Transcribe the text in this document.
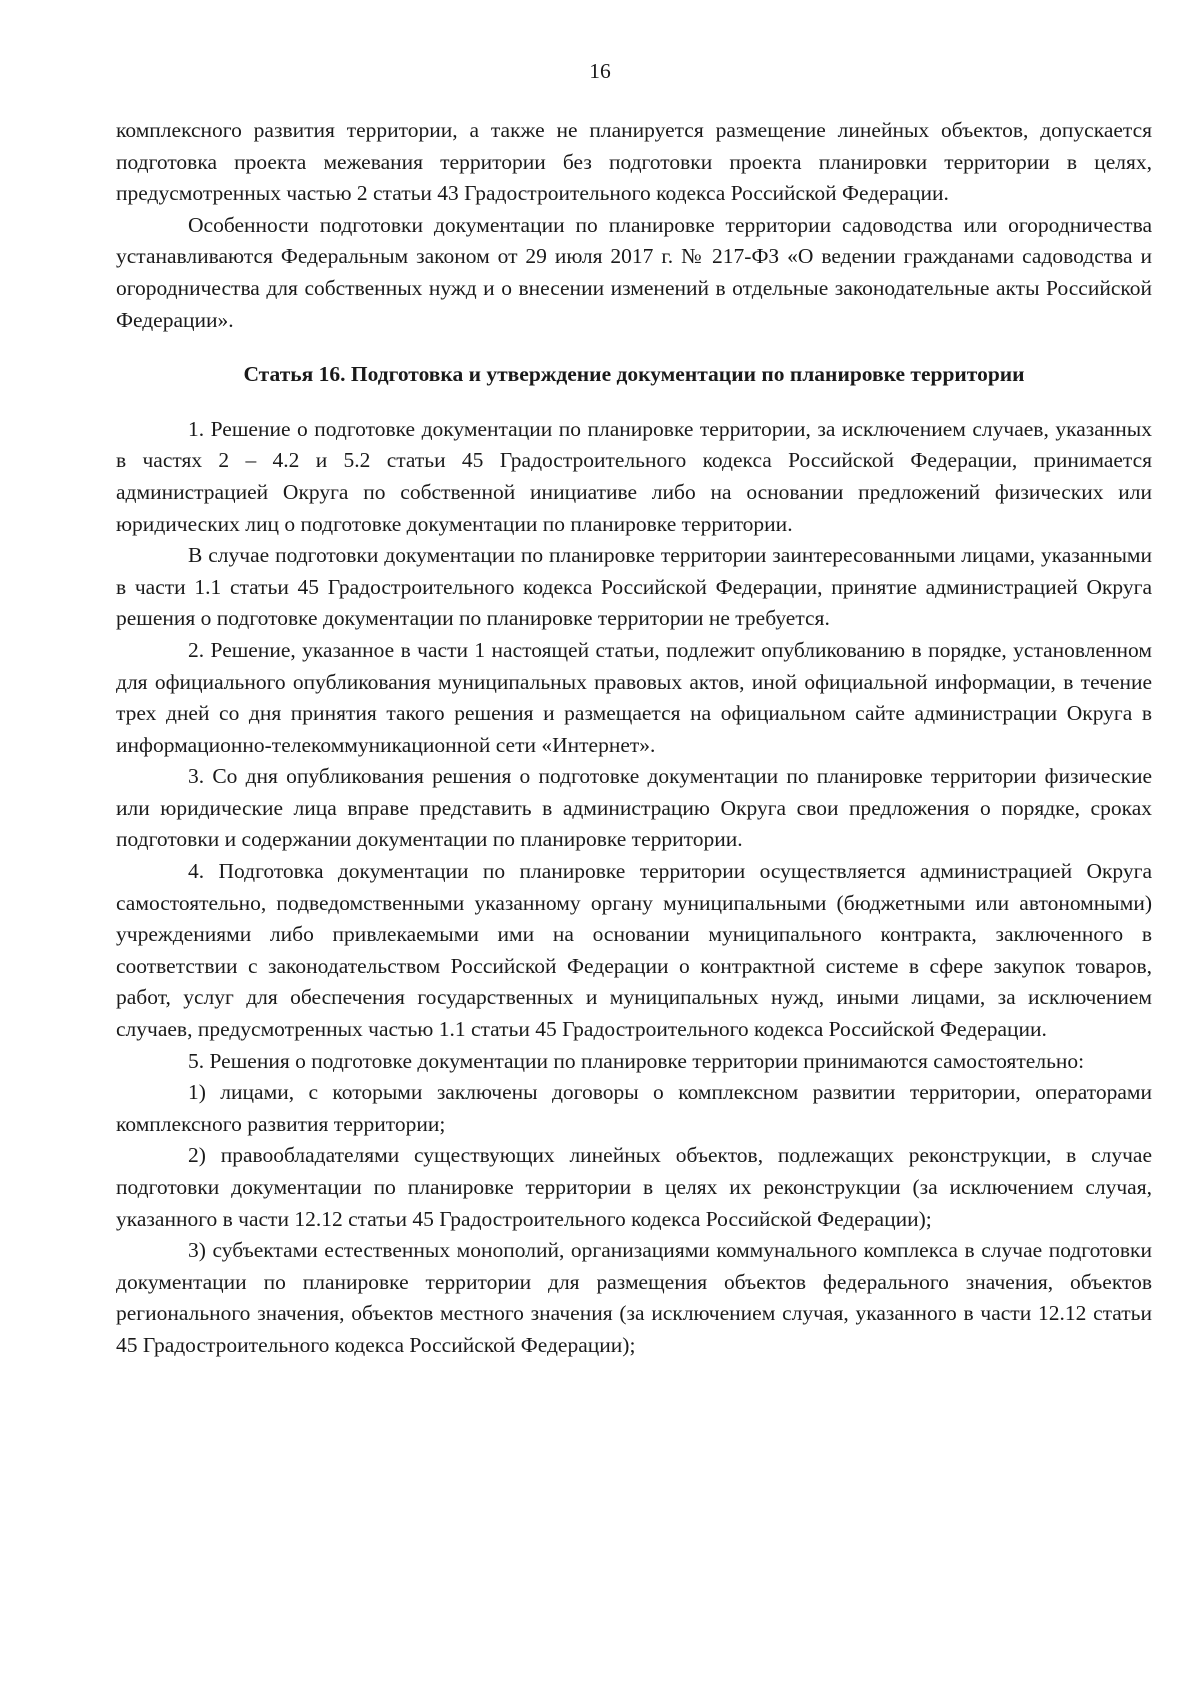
16

комплексного развития территории, а также не планируется размещение линейных объектов, допускается подготовка проекта межевания территории без подготовки проекта планировки территории в целях, предусмотренных частью 2 статьи 43 Градостроительного кодекса Российской Федерации.

Особенности подготовки документации по планировке территории садоводства или огородничества устанавливаются Федеральным законом от 29 июля 2017 г. № 217-ФЗ «О ведении гражданами садоводства и огородничества для собственных нужд и о внесении изменений в отдельные законодательные акты Российской Федерации».

Статья 16. Подготовка и утверждение документации по планировке территории

1. Решение о подготовке документации по планировке территории, за исключением случаев, указанных в частях 2 – 4.2 и 5.2 статьи 45 Градостроительного кодекса Российской Федерации, принимается администрацией Округа по собственной инициативе либо на основании предложений физических или юридических лиц о подготовке документации по планировке территории.

В случае подготовки документации по планировке территории заинтересованными лицами, указанными в части 1.1 статьи 45 Градостроительного кодекса Российской Федерации, принятие администрацией Округа решения о подготовке документации по планировке территории не требуется.

2. Решение, указанное в части 1 настоящей статьи, подлежит опубликованию в порядке, установленном для официального опубликования муниципальных правовых актов, иной официальной информации, в течение трех дней со дня принятия такого решения и размещается на официальном сайте администрации Округа в информационно-телекоммуникационной сети «Интернет».

3. Со дня опубликования решения о подготовке документации по планировке территории физические или юридические лица вправе представить в администрацию Округа свои предложения о порядке, сроках подготовки и содержании документации по планировке территории.

4. Подготовка документации по планировке территории осуществляется администрацией Округа самостоятельно, подведомственными указанному органу муниципальными (бюджетными или автономными) учреждениями либо привлекаемыми ими на основании муниципального контракта, заключенного в соответствии с законодательством Российской Федерации о контрактной системе в сфере закупок товаров, работ, услуг для обеспечения государственных и муниципальных нужд, иными лицами, за исключением случаев, предусмотренных частью 1.1 статьи 45 Градостроительного кодекса Российской Федерации.

5. Решения о подготовке документации по планировке территории принимаются самостоятельно:

1) лицами, с которыми заключены договоры о комплексном развитии территории, операторами комплексного развития территории;

2) правообладателями существующих линейных объектов, подлежащих реконструкции, в случае подготовки документации по планировке территории в целях их реконструкции (за исключением случая, указанного в части 12.12 статьи 45 Градостроительного кодекса Российской Федерации);

3) субъектами естественных монополий, организациями коммунального комплекса в случае подготовки документации по планировке территории для размещения объектов федерального значения, объектов регионального значения, объектов местного значения (за исключением случая, указанного в части 12.12 статьи 45 Градостроительного кодекса Российской Федерации);
